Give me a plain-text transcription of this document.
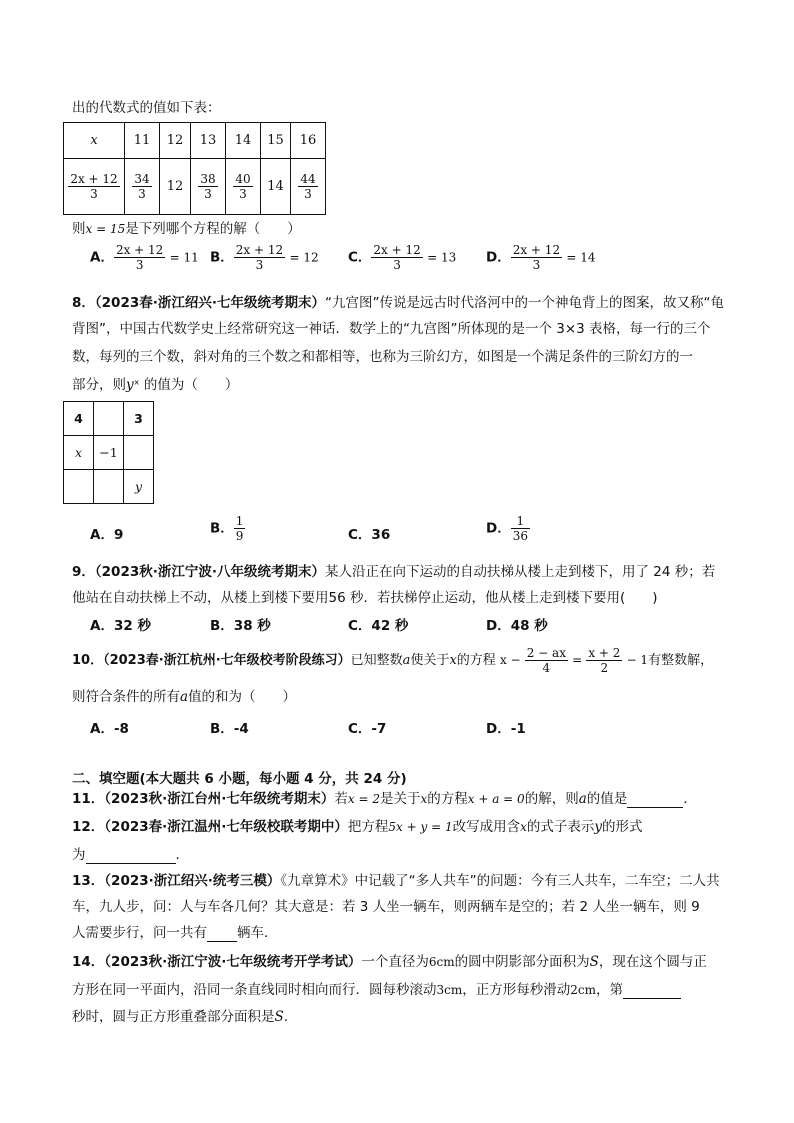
出的代数式的值如下表：
x	11	12	13	14	15	16

$\frac{2x + 12}{3}$	$\frac{34}{3}$	12	$\frac{38}{3}$	$\frac{40}{3}$	14	$\frac{44}{3}$
则x = 15是下列哪个方程的解（　　）
A． $\frac{2x + 12}{3} = 11$ B． $\frac{2x + 12}{3} = 12$ C． $\frac{2x + 12}{3} = 13$ D． $\frac{2x + 12}{3} = 14$
8．（2023春·浙江绍兴·七年级统考期末）“九宫图”传说是远古时代洛河中的一个神龟背上的图案，故又称“龟
背图”，中国古代数学史上经常研究这一神话．数学上的“九宫图”所体现的是一个 3×3 表格，每一行的三个
数，每列的三个数，斜对角的三个数之和都相等，也称为三阶幻方，如图是一个满足条件的三阶幻方的一
部分，则yˣ 的值为（　　）
4		3
x	−1	
		y
A．9	B． $\frac{1}{9}$	C．36	D． $\frac{1}{36}$
9．（2023秋·浙江宁波·八年级统考期末）某人沿正在向下运动的自动扶梯从楼上走到楼下，用了 24 秒；若
他站在自动扶梯上不动，从楼上到楼下要用56 秒．若扶梯停止运动，他从楼上走到楼下要用(　　)
A．32 秒	B．38 秒	C．42 秒	D．48 秒
10．（2023春·浙江杭州·七年级校考阶段练习）已知整数a使关于x的方程 $x - \frac{2 - ax}{4} = \frac{x + 2}{2} - 1$有整数解，
则符合条件的所有a值的和为（　　）
A．-8	B．-4	C．-7	D．-1
二、填空题(本大题共 6 小题，每小题 4 分，共 24 分)
11．（2023秋·浙江台州·七年级统考期末）若x = 2是关于x的方程x + a = 0的解，则a的值是	．
12．（2023春·浙江温州·七年级校联考期中）把方程5x + y = 1改写成用含x的式子表示y的形式
为	．
13．（2023·浙江绍兴·统考三模）《九章算术》中记载了“多人共车”的问题：今有三人共车，二车空；二人共
车，九人步，问：人与车各几何？其大意是：若 3 人坐一辆车，则两辆车是空的；若 2 人坐一辆车，则 9
人需要步行，问一共有 辆车．
14．（2023秋·浙江宁波·七年级统考开学考试）一个直径为6cm的圆中阴影部分面积为S，现在这个圆与正
方形在同一平面内，沿同一条直线同时相向而行．圆每秒滚动3cm，正方形每秒滑动2cm，第
秒时，圆与正方形重叠部分面积是S.
